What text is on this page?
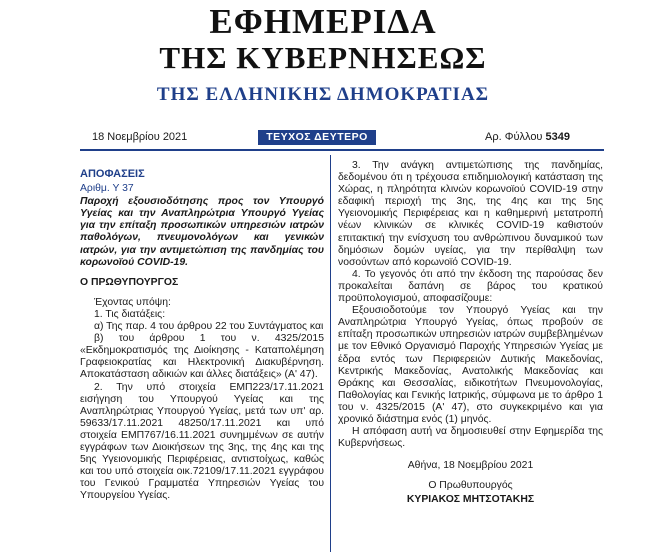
ΕΦΗΜΕΡΙΔΑ
ΤΗΣ ΚΥΒΕΡΝΗΣΕΩΣ
ΤΗΣ ΕΛΛΗΝΙΚΗΣ ΔΗΜΟΚΡΑΤΙΑΣ
18 Νοεμβρίου 2021	ΤΕΥΧΟΣ ΔΕΥΤΕΡΟ	Αρ. Φύλλου 5349

ΑΠΟΦΑΣΕΙΣ

Αριθμ. Υ 37

Παροχή εξουσιοδότησης προς τον Υπουργό Υγείας και την Αναπληρώτρια Υπουργό Υγείας για την επίταξη προσωπικών υπηρεσιών ιατρών παθολόγων, πνευμονολόγων και γενικών ιατρών, για την αντιμετώπιση της πανδημίας του κορωνοϊού COVID-19.

Ο ΠΡΩΘΥΠΟΥΡΓΟΣ

Έχοντας υπόψη:

1. Τις διατάξεις:

α) Της παρ. 4 του άρθρου 22 του Συντάγματος και

β) του άρθρου 1 του ν. 4325/2015 «Εκδημοκρατισμός της Διοίκησης - Καταπολέμηση Γραφειοκρατίας και Ηλεκτρονική Διακυβέρνηση. Αποκατάσταση αδικιών και άλλες διατάξεις» (Α' 47).

2. Την υπό στοιχεία ΕΜΠ223/17.11.2021 εισήγηση του Υπουργού Υγείας και της Αναπληρώτριας Υπουργού Υγείας, μετά των υπ' αρ. 59633/17.11.2021 48250/17.11.2021 και υπό στοιχεία ΕΜΠ767/16.11.2021 συνημμένων σε αυτήν εγγράφων των Διοικήσεων της 3ης, της 4ης και της 5ης Υγειονομικής Περιφέρειας, αντιστοίχως, καθώς και του υπό στοιχεία οικ.72109/17.11.2021 εγγράφου του Γενικού Γραμματέα Υπηρεσιών Υγείας του Υπουργείου Υγείας.

3. Την ανάγκη αντιμετώπισης της πανδημίας, δεδομένου ότι η τρέχουσα επιδημιολογική κατάσταση της Χώρας, η πληρότητα κλινών κορωνοϊού COVID-19 στην εδαφική περιοχή της 3ης, της 4ης και της 5ης Υγειονομικής Περιφέρειας και η καθημερινή μετατροπή νέων κλινικών σε κλινικές COVID-19 καθιστούν επιτακτική την ενίσχυση του ανθρώπινου δυναμικού των δημόσιων δομών υγείας, για την περίθαλψη των νοσούντων από κορωνοϊό COVID-19.

4. Το γεγονός ότι από την έκδοση της παρούσας δεν προκαλείται δαπάνη σε βάρος του κρατικού προϋπολογισμού, αποφασίζουμε:

Εξουσιοδοτούμε τον Υπουργό Υγείας και την Αναπληρώτρια Υπουργό Υγείας, όπως προβούν σε επίταξη προσωπικών υπηρεσιών ιατρών συμβεβλημένων με τον Εθνικό Οργανισμό Παροχής Υπηρεσιών Υγείας με έδρα εντός των Περιφερειών Δυτικής Μακεδονίας, Κεντρικής Μακεδονίας, Ανατολικής Μακεδονίας και Θράκης και Θεσσαλίας, ειδικοτήτων Πνευμονολογίας, Παθολογίας και Γενικής Ιατρικής, σύμφωνα με το άρθρο 1 του ν. 4325/2015 (Α' 47), στο συγκεκριμένο και για χρονικό διάστημα ενός (1) μηνός.

Η απόφαση αυτή να δημοσιευθεί στην Εφημερίδα της Κυβερνήσεως.

Αθήνα, 18 Νοεμβρίου 2021

Ο Πρωθυπουργός

ΚΥΡΙΑΚΟΣ ΜΗΤΣΟΤΑΚΗΣ
